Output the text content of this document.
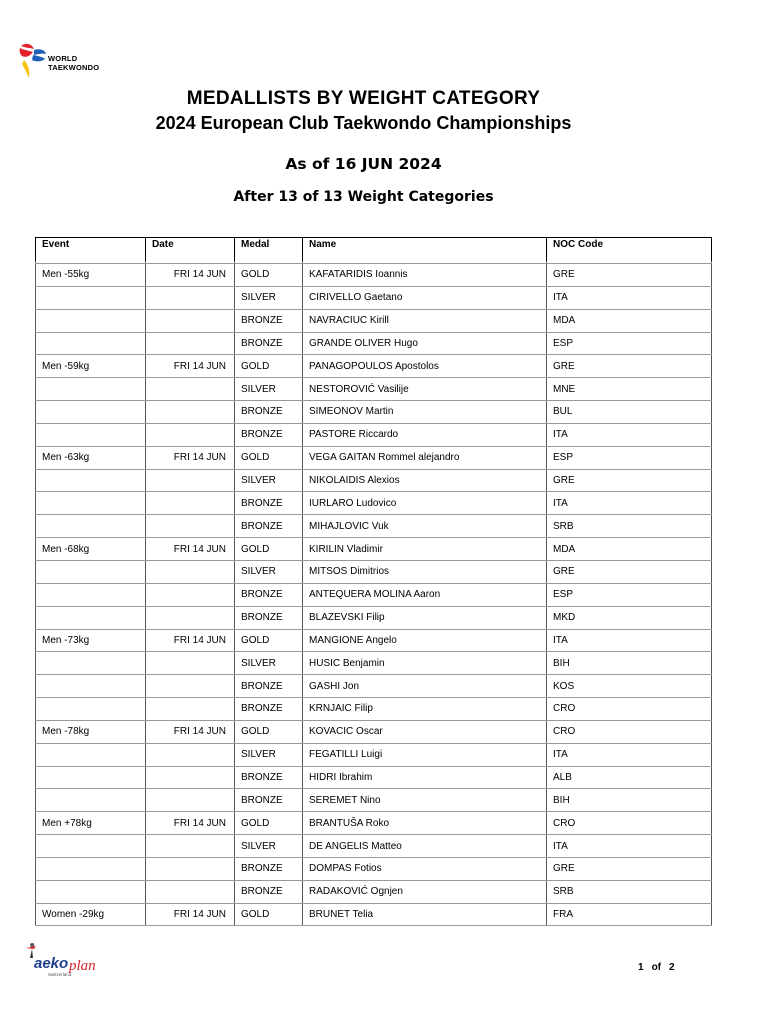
WORLD
TAEKWONDO
MEDALLISTS BY WEIGHT CATEGORY
2024 European Club Taekwondo Championships
As of 16 JUN 2024
After 13 of 13 Weight Categories
Event	Date	Medal	Name	NOC Code

Men -55kg	FRI 14 JUN	GOLD	KAFATARIDIS Ioannis	GRE
		SILVER	CIRIVELLO Gaetano	ITA
		BRONZE	NAVRACIUC Kirill	MDA
		BRONZE	GRANDE OLIVER Hugo	ESP
Men -59kg	FRI 14 JUN	GOLD	PANAGOPOULOS Apostolos	GRE
		SILVER	NESTOROVIĆ Vasilije	MNE
		BRONZE	SIMEONOV Martin	BUL
		BRONZE	PASTORE Riccardo	ITA
Men -63kg	FRI 14 JUN	GOLD	VEGA GAITAN Rommel alejandro	ESP
		SILVER	NIKOLAIDIS Alexios	GRE
		BRONZE	IURLARO Ludovico	ITA
		BRONZE	MIHAJLOVIC Vuk	SRB
Men -68kg	FRI 14 JUN	GOLD	KIRILIN Vladimir	MDA
		SILVER	MITSOS Dimitrios	GRE
		BRONZE	ANTEQUERA MOLINA Aaron	ESP
		BRONZE	BLAZEVSKI Filip	MKD
Men -73kg	FRI 14 JUN	GOLD	MANGIONE Angelo	ITA
		SILVER	HUSIC Benjamin	BIH
		BRONZE	GASHI Jon	KOS
		BRONZE	KRNJAIC Filip	CRO
Men -78kg	FRI 14 JUN	GOLD	KOVACIC Oscar	CRO
		SILVER	FEGATILLI Luigi	ITA
		BRONZE	HIDRI Ibrahim	ALB
		BRONZE	SEREMET Nino	BIH
Men +78kg	FRI 14 JUN	GOLD	BRANTUŠA Roko	CRO
		SILVER	DE ANGELIS Matteo	ITA
		BRONZE	DOMPAS Fotios	GRE
		BRONZE	RADAKOVIĆ Ognjen	SRB
Women -29kg	FRI 14 JUN	GOLD	BRUNET Telia	FRA
aeko plan
Switzerland
1 of 2
